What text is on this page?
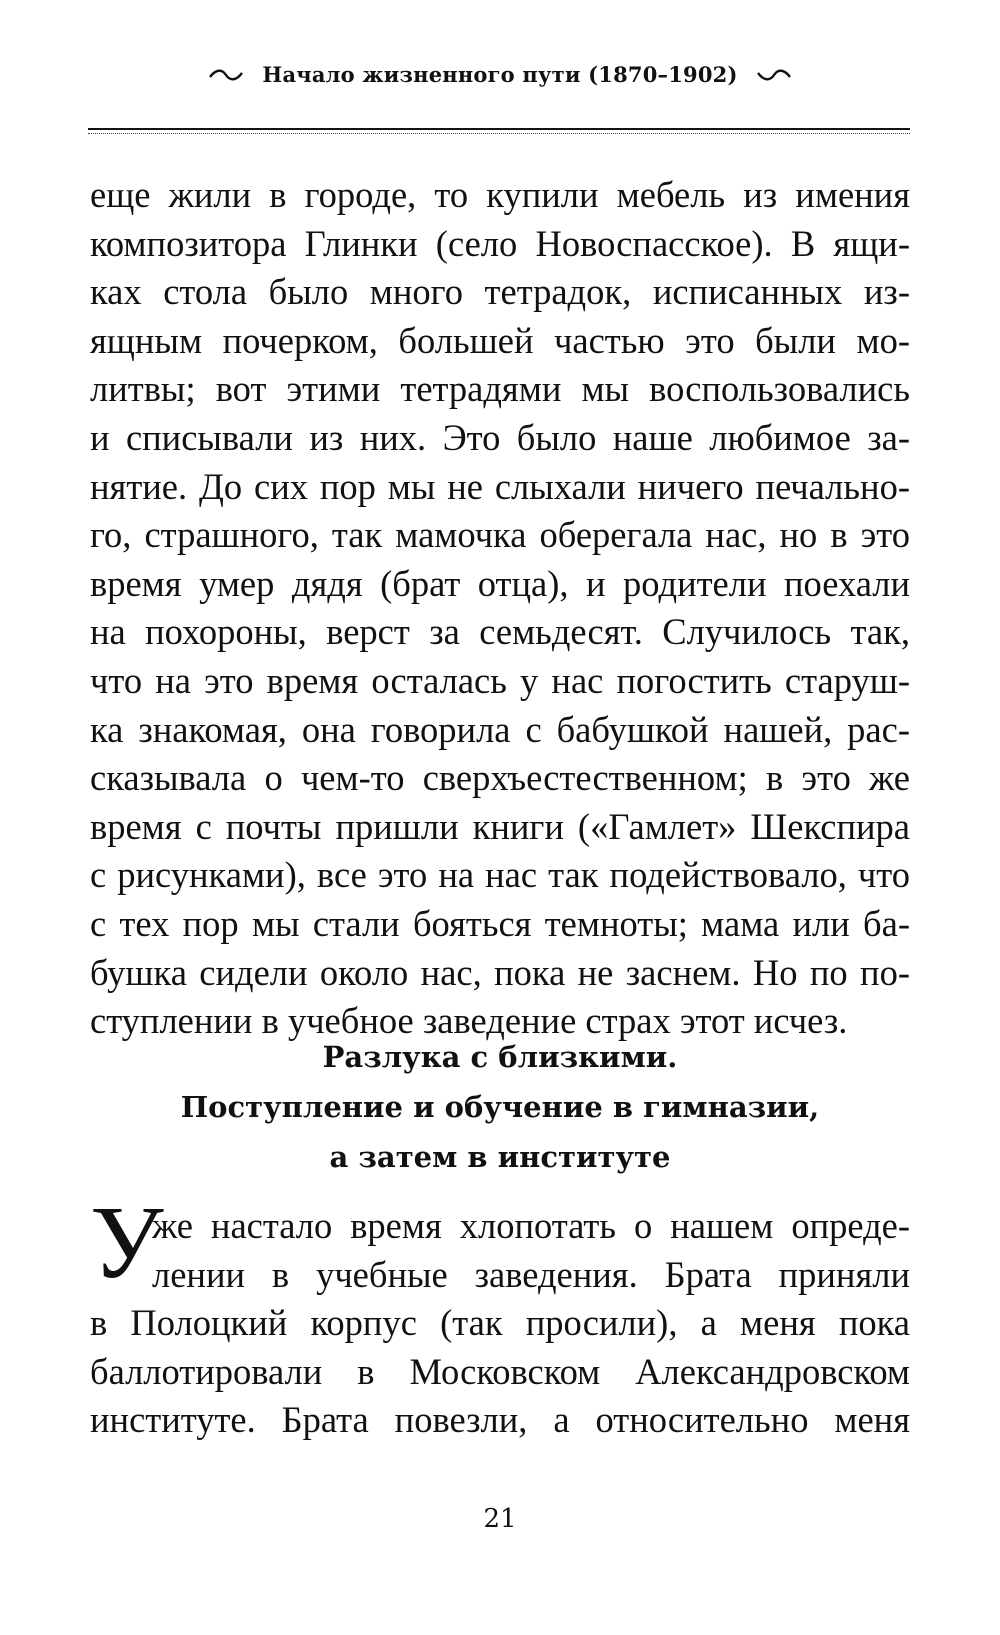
Начало жизненного пути (1870–1902)
еще жили в городе, то купили мебель из имения
композитора Глинки (село Новоспасское). В ящи-
ках стола было много тетрадок, исписанных из-
ящным почерком, большей частью это были мо-
литвы; вот этими тетрадями мы воспользовались
и списывали из них. Это было наше любимое за-
нятие. До сих пор мы не слыхали ничего печально-
го, страшного, так мамочка оберегала нас, но в это
время умер дядя (брат отца), и родители поехали
на похороны, верст за семьдесят. Случилось так,
что на это время осталась у нас погостить старуш-
ка знакомая, она говорила с бабушкой нашей, рас-
сказывала о чем-то сверхъестественном; в это же
время с почты пришли книги («Гамлет» Шекспира
с рисунками), все это на нас так подействовало, что
с тех пор мы стали бояться темноты; мама или ба-
бушка сидели около нас, пока не заснем. Но по по-
ступлении в учебное заведение страх этот исчез.
Разлука с близкими.
Поступление и обучение в гимназии,
а затем в институте
У
же настало время хлопотать о нашем опреде-
лении в учебные заведения. Брата приняли
в Полоцкий корпус (так просили), а меня пока
баллотировали в Московском Александровском
институте. Брата повезли, а относительно меня
21
